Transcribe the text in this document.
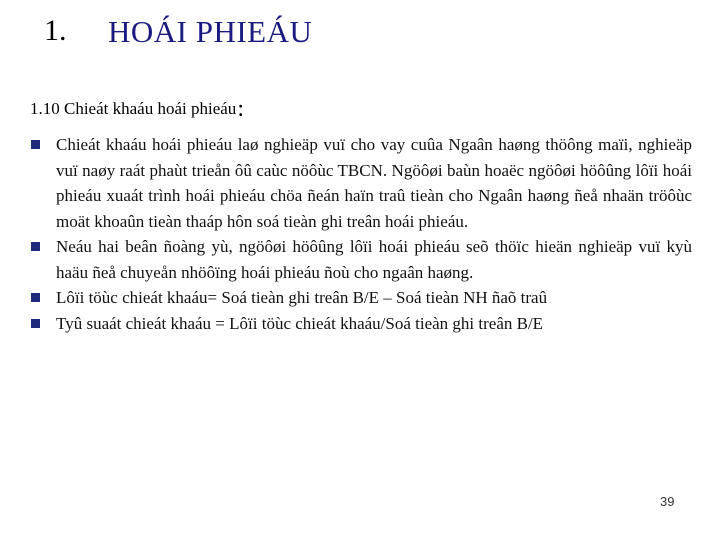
1. HOÁI PHIEÁU
1.10 Chieát khaáu hoái phieáu:
Chieát khaáu hoái phieáu laø nghieäp vuï cho vay cuûa Ngaân haøng thöông maïi, nghieäp vuï naøy raát phaùt trieån ôû caùc nöôùc TBCN. Ngöôøi baùn hoaëc ngöôøi höôûng lôïi hoái phieáu xuaát trình hoái phieáu chöa ñeán haïn traû tieàn cho Ngaân haøng ñeå nhaän tröôùc moät khoaûn tieàn thaáp hôn soá tieàn ghi treân hoái phieáu.
Neáu hai beân ñoàng yù, ngöôøi höôûng lôïi hoái phieáu seõ thöïc hieän nghieäp vuï kyù haäu ñeå chuyeån nhöôïng hoái phieáu ñoù cho ngaân haøng.
Lôïi töùc chieát khaáu= Soá tieàn ghi treân B/E – Soá tieàn NH ñaõ traû
Tyû suaát chieát khaáu = Lôïi töùc chieát khaáu/Soá tieàn ghi treân B/E
39
